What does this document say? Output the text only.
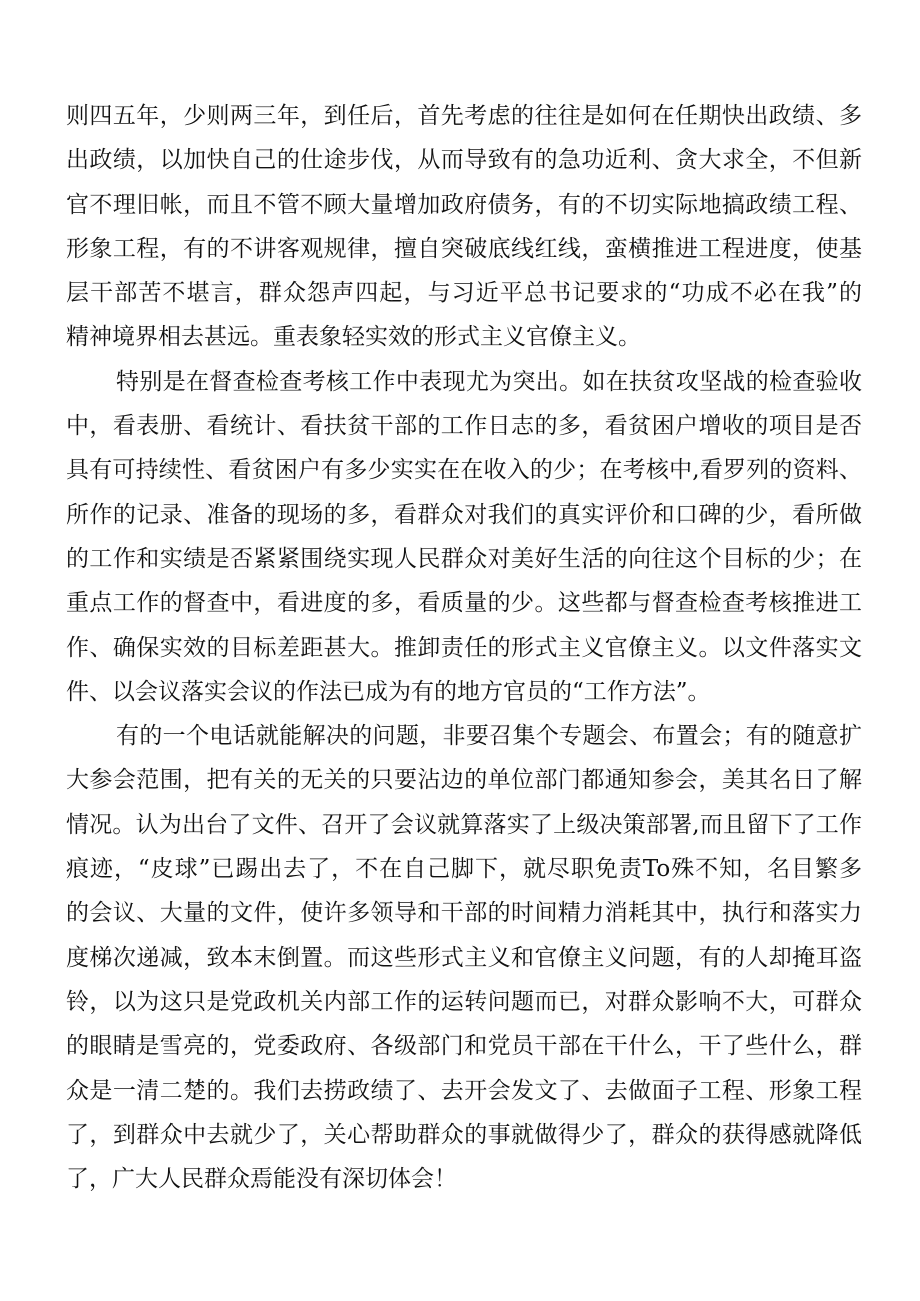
则四五年，少则两三年，到任后，首先考虑的往往是如何在任期快出政绩、多
出政绩，以加快自己的仕途步伐，从而导致有的急功近利、贪大求全，不但新
官不理旧帐，而且不管不顾大量增加政府债务，有的不切实际地搞政绩工程、
形象工程，有的不讲客观规律，擅自突破底线红线，蛮横推进工程进度，使基
层干部苦不堪言，群众怨声四起，与习近平总书记要求的“功成不必在我”的
精神境界相去甚远。重表象轻实效的形式主义官僚主义。
特别是在督查检查考核工作中表现尤为突出。如在扶贫攻坚战的检查验收
中，看表册、看统计、看扶贫干部的工作日志的多，看贫困户增收的项目是否
具有可持续性、看贫困户有多少实实在在收入的少；在考核中,看罗列的资料、
所作的记录、准备的现场的多，看群众对我们的真实评价和口碑的少，看所做
的工作和实绩是否紧紧围绕实现人民群众对美好生活的向往这个目标的少；在
重点工作的督查中，看进度的多，看质量的少。这些都与督查检查考核推进工
作、确保实效的目标差距甚大。推卸责任的形式主义官僚主义。以文件落实文
件、以会议落实会议的作法已成为有的地方官员的“工作方法”。
有的一个电话就能解决的问题，非要召集个专题会、布置会；有的随意扩
大参会范围，把有关的无关的只要沾边的单位部门都通知参会，美其名日了解
情况。认为出台了文件、召开了会议就算落实了上级决策部署,而且留下了工作
痕迹，“皮球”已踢出去了，不在自己脚下，就尽职免责To殊不知，名目繁多
的会议、大量的文件，使许多领导和干部的时间精力消耗其中，执行和落实力
度梯次递减，致本末倒置。而这些形式主义和官僚主义问题，有的人却掩耳盗
铃，以为这只是党政机关内部工作的运转问题而已，对群众影响不大，可群众
的眼睛是雪亮的，党委政府、各级部门和党员干部在干什么，干了些什么，群
众是一清二楚的。我们去捞政绩了、去开会发文了、去做面子工程、形象工程
了，到群众中去就少了，关心帮助群众的事就做得少了，群众的获得感就降低
了，广大人民群众焉能没有深切体会！
